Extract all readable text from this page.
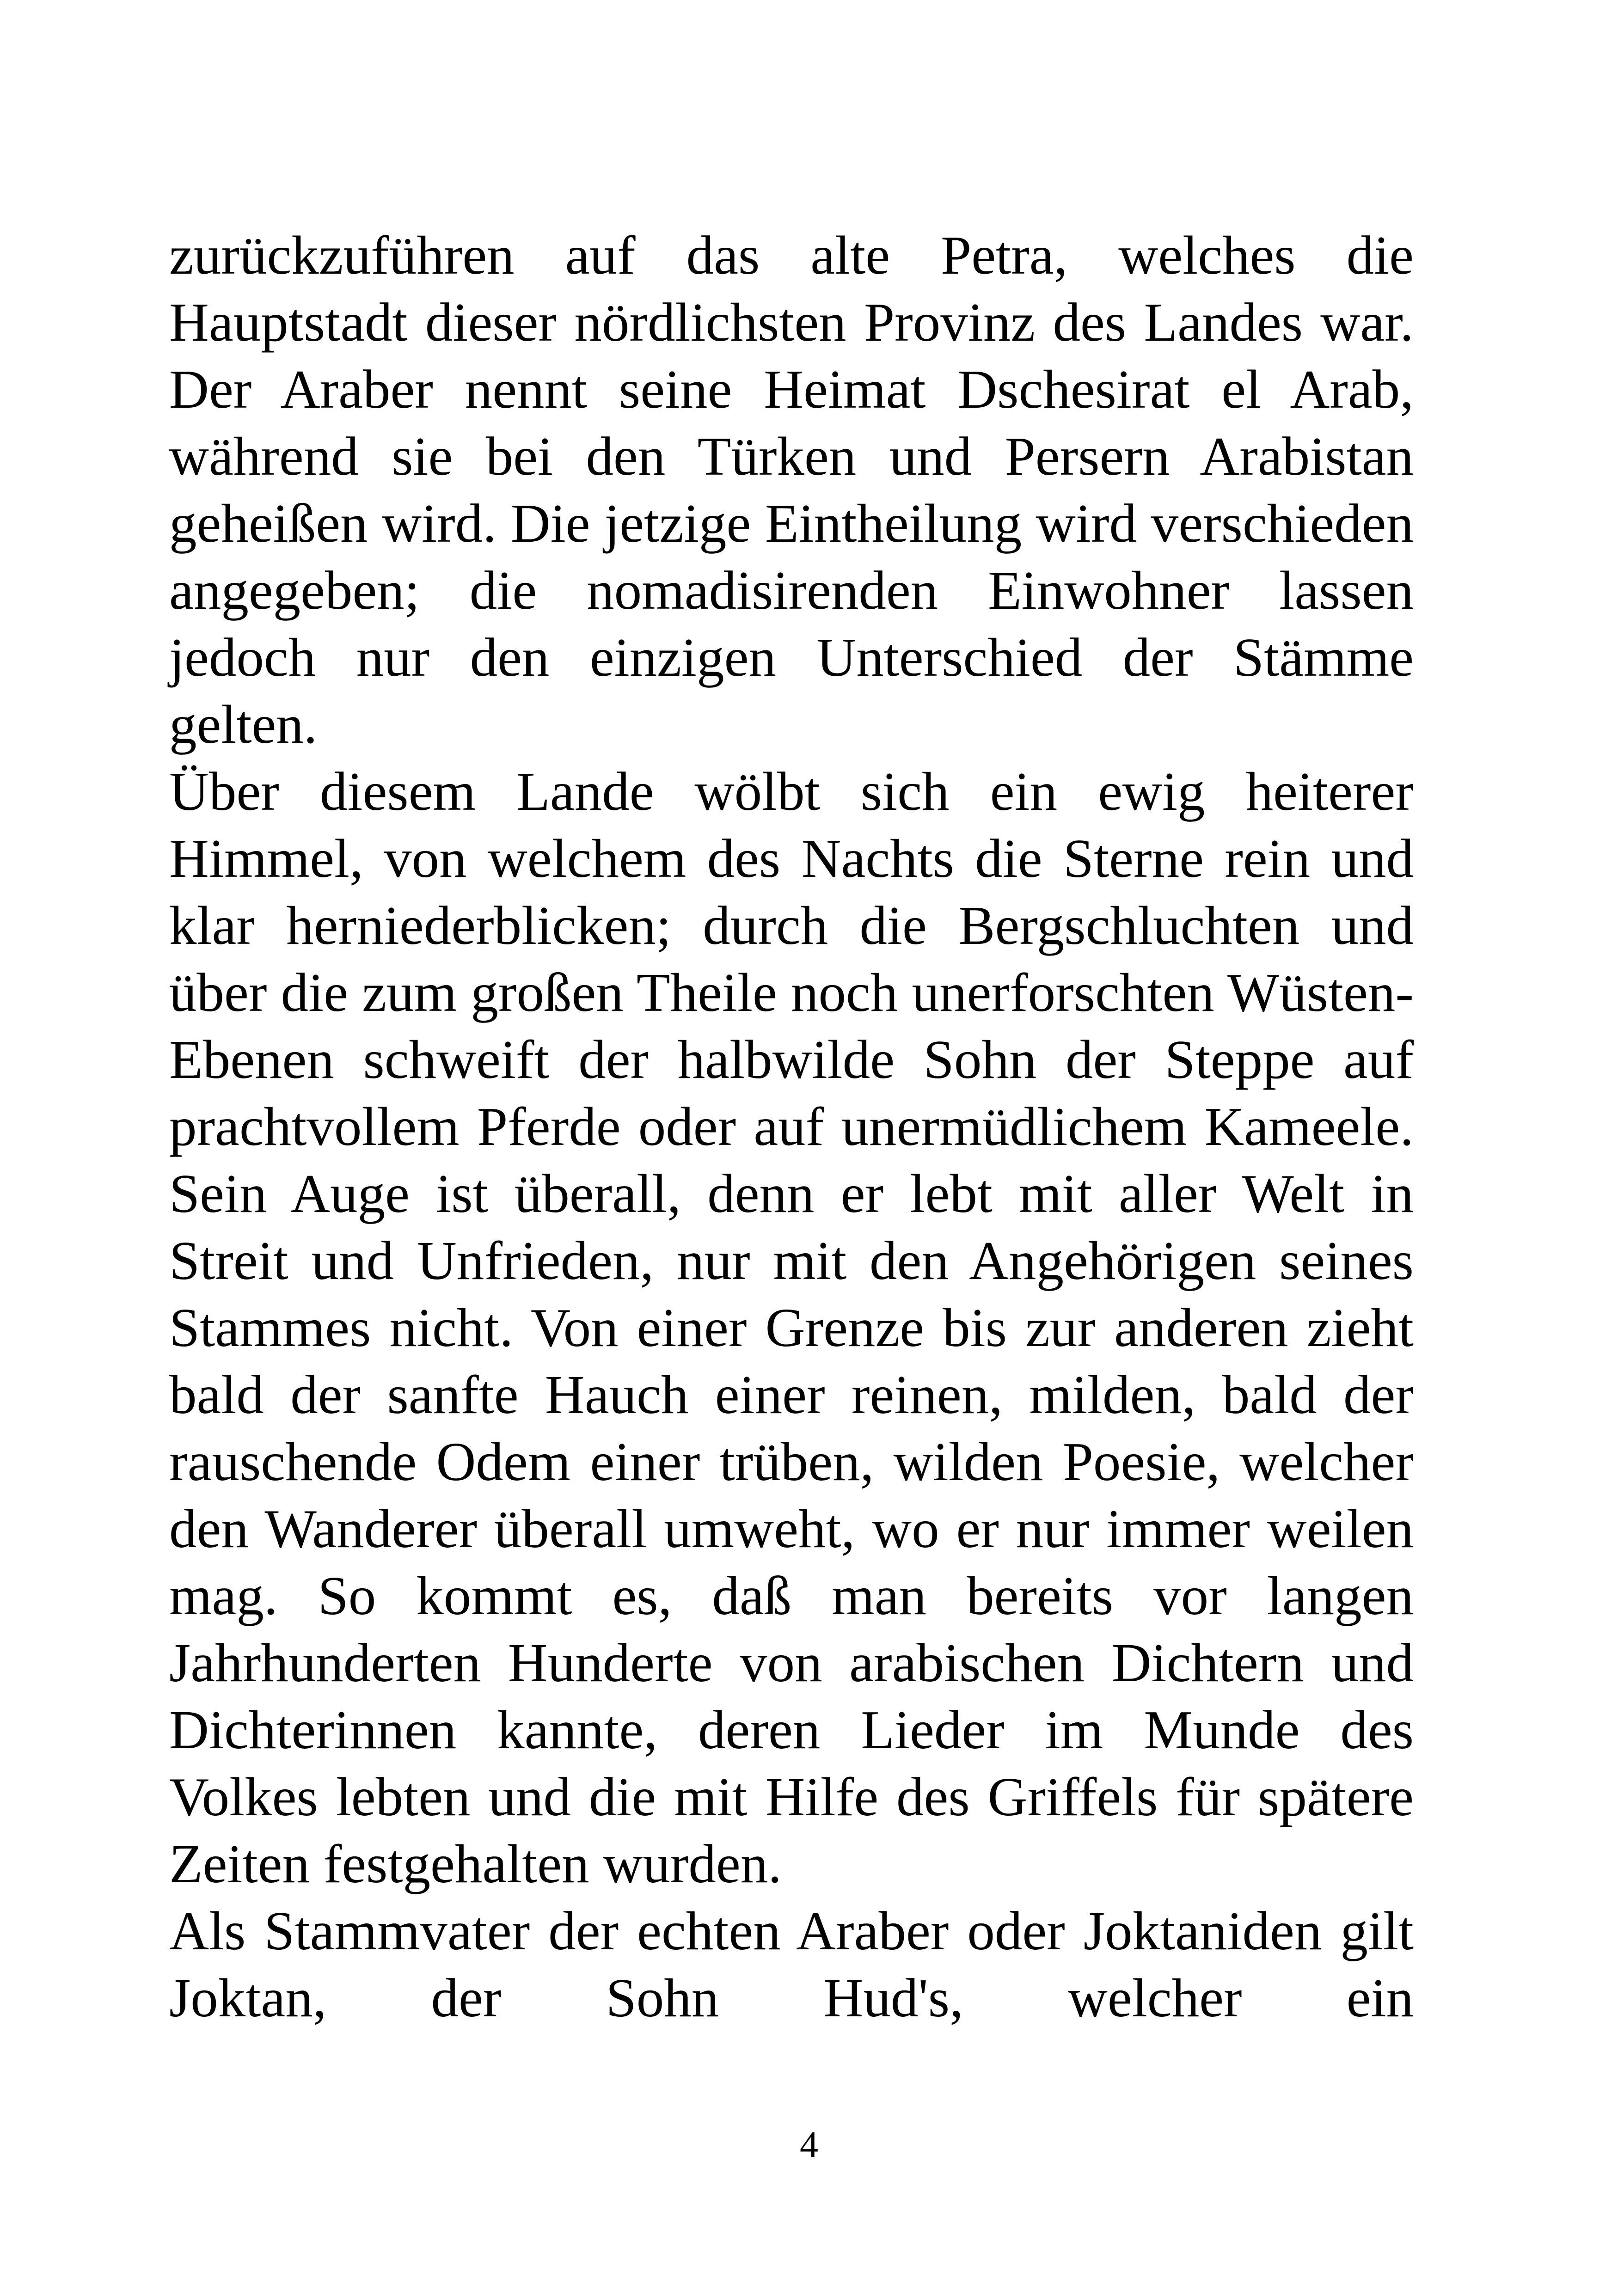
zurückzuführen auf das alte Petra, welches die Hauptstadt dieser nördlichsten Provinz des Landes war. Der Araber nennt seine Heimat Dschesirat el Arab, während sie bei den Türken und Persern Arabistan geheißen wird. Die jetzige Eintheilung wird verschieden angegeben; die nomadisirenden Einwohner lassen jedoch nur den einzigen Unterschied der Stämme gelten.

Über diesem Lande wölbt sich ein ewig heiterer Himmel, von welchem des Nachts die Sterne rein und klar herniederblicken; durch die Bergschluchten und über die zum großen Theile noch unerforschten Wüsten-Ebenen schweift der halbwilde Sohn der Steppe auf prachtvollem Pferde oder auf unermüdlichem Kameele. Sein Auge ist überall, denn er lebt mit aller Welt in Streit und Unfrieden, nur mit den Angehörigen seines Stammes nicht. Von einer Grenze bis zur anderen zieht bald der sanfte Hauch einer reinen, milden, bald der rauschende Odem einer trüben, wilden Poesie, welcher den Wanderer überall umweht, wo er nur immer weilen mag. So kommt es, daß man bereits vor langen Jahrhunderten Hunderte von arabischen Dichtern und Dichterinnen kannte, deren Lieder im Munde des Volkes lebten und die mit Hilfe des Griffels für spätere Zeiten festgehalten wurden.

Als Stammvater der echten Araber oder Joktaniden gilt Joktan, der Sohn Hud's, welcher ein

4
